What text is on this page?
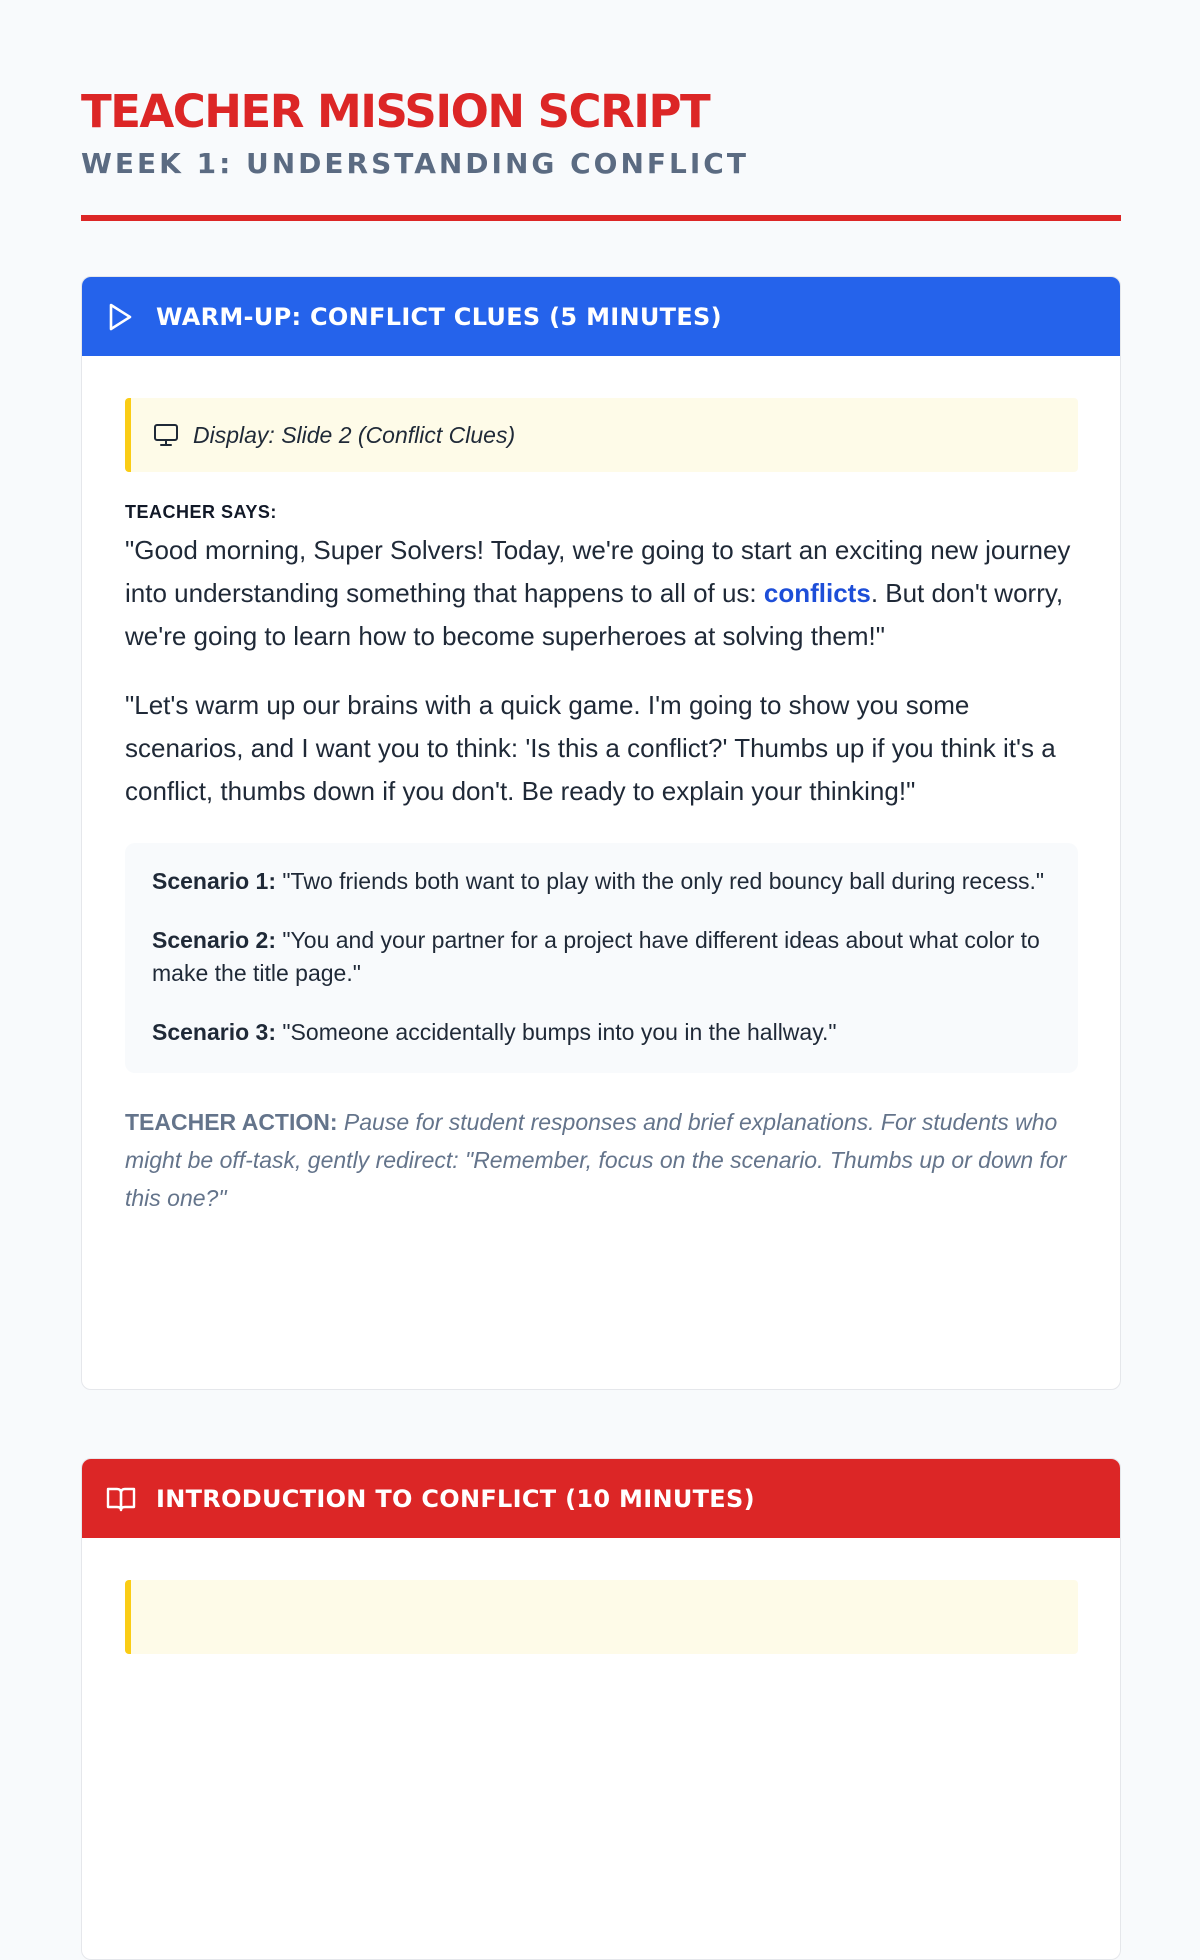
TEACHER MISSION SCRIPT
WEEK 1: UNDERSTANDING CONFLICT
WARM-UP: CONFLICT CLUES (5 MINUTES)
Display: Slide 2 (Conflict Clues)
TEACHER SAYS:

"Good morning, Super Solvers! Today, we're going to start an exciting new journey into understanding something that happens to all of us: conflicts. But don't worry, we're going to learn how to become superheroes at solving them!"

"Let's warm up our brains with a quick game. I'm going to show you some scenarios, and I want you to think: 'Is this a conflict?' Thumbs up if you think it's a conflict, thumbs down if you don't. Be ready to explain your thinking!"

Scenario 1: "Two friends both want to play with the only red bouncy ball during recess."
Scenario 2: "You and your partner for a project have different ideas about what color to make the title page."
Scenario 3: "Someone accidentally bumps into you in the hallway."
TEACHER ACTION: Pause for student responses and brief explanations. For students who might be off-task, gently redirect: "Remember, focus on the scenario. Thumbs up or down for this one?"
INTRODUCTION TO CONFLICT (10 MINUTES)
